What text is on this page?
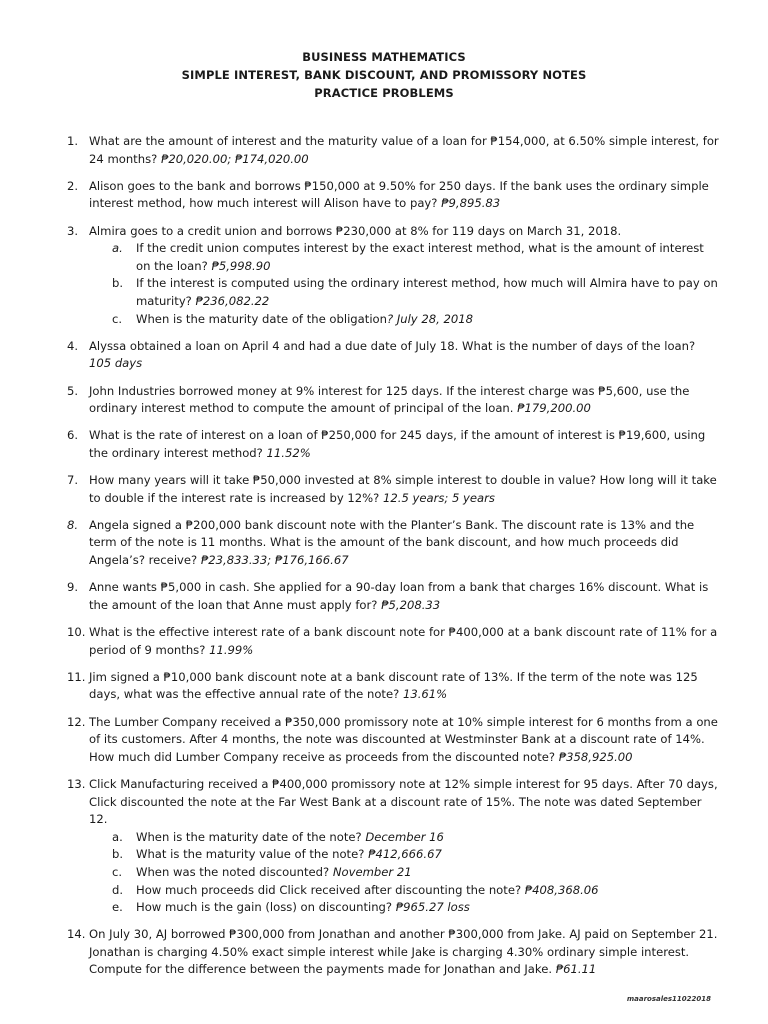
BUSINESS MATHEMATICS
SIMPLE INTEREST, BANK DISCOUNT, AND PROMISSORY NOTES
PRACTICE PROBLEMS
1. What are the amount of interest and the maturity value of a loan for ₱154,000, at 6.50% simple interest, for 24 months? ₱20,020.00; ₱174,020.00
2. Alison goes to the bank and borrows ₱150,000 at 9.50% for 250 days. If the bank uses the ordinary simple interest method, how much interest will Alison have to pay? ₱9,895.83
3. Almira goes to a credit union and borrows ₱230,000 at 8% for 119 days on March 31, 2018.
a. If the credit union computes interest by the exact interest method, what is the amount of interest on the loan? ₱5,998.90
b. If the interest is computed using the ordinary interest method, how much will Almira have to pay on maturity? ₱236,082.22
c. When is the maturity date of the obligation? July 28, 2018
4. Alyssa obtained a loan on April 4 and had a due date of July 18. What is the number of days of the loan? 105 days
5. John Industries borrowed money at 9% interest for 125 days. If the interest charge was ₱5,600, use the ordinary interest method to compute the amount of principal of the loan. ₱179,200.00
6. What is the rate of interest on a loan of ₱250,000 for 245 days, if the amount of interest is ₱19,600, using the ordinary interest method? 11.52%
7. How many years will it take ₱50,000 invested at 8% simple interest to double in value? How long will it take to double if the interest rate is increased by 12%? 12.5 years; 5 years
8. Angela signed a ₱200,000 bank discount note with the Planter’s Bank. The discount rate is 13% and the term of the note is 11 months. What is the amount of the bank discount, and how much proceeds did Angela’s? receive? ₱23,833.33; ₱176,166.67
9. Anne wants ₱5,000 in cash. She applied for a 90-day loan from a bank that charges 16% discount. What is the amount of the loan that Anne must apply for? ₱5,208.33
10. What is the effective interest rate of a bank discount note for ₱400,000 at a bank discount rate of 11% for a period of 9 months? 11.99%
11. Jim signed a ₱10,000 bank discount note at a bank discount rate of 13%. If the term of the note was 125 days, what was the effective annual rate of the note? 13.61%
12. The Lumber Company received a ₱350,000 promissory note at 10% simple interest for 6 months from a one of its customers. After 4 months, the note was discounted at Westminster Bank at a discount rate of 14%. How much did Lumber Company receive as proceeds from the discounted note? ₱358,925.00
13. Click Manufacturing received a ₱400,000 promissory note at 12% simple interest for 95 days. After 70 days, Click discounted the note at the Far West Bank at a discount rate of 15%. The note was dated September 12.
a. When is the maturity date of the note? December 16
b. What is the maturity value of the note? ₱412,666.67
c. When was the noted discounted? November 21
d. How much proceeds did Click received after discounting the note? ₱408,368.06
e. How much is the gain (loss) on discounting? ₱965.27 loss
14. On July 30, AJ borrowed ₱300,000 from Jonathan and another ₱300,000 from Jake. AJ paid on September 21. Jonathan is charging 4.50% exact simple interest while Jake is charging 4.30% ordinary simple interest. Compute for the difference between the payments made for Jonathan and Jake. ₱61.11
maarosales11022018
